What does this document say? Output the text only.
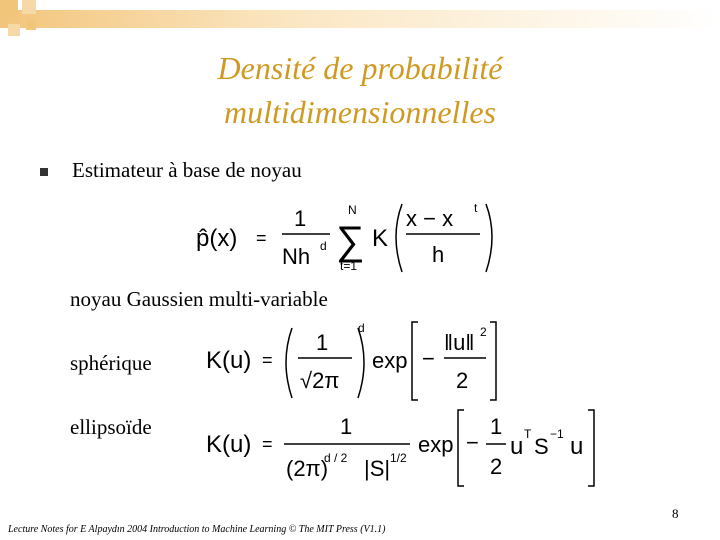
Densité de probabilité
multidimensionnelles
Estimateur à base de noyau
p̂(x) =
1
Nh d
N
∑
t=1
K
x − x t
h
noyau Gaussien multi-variable
sphérique K(u) =
1
√2π
d
exp −
‖u‖ 2
2
ellipsoïde
K(u) =
1
(2π)
d / 2 |S| 1/2
exp −
1
2
u T S −1 u
8
Lecture Notes for E Alpaydın 2004 Introduction to Machine Learning © The MIT Press (V1.1)
